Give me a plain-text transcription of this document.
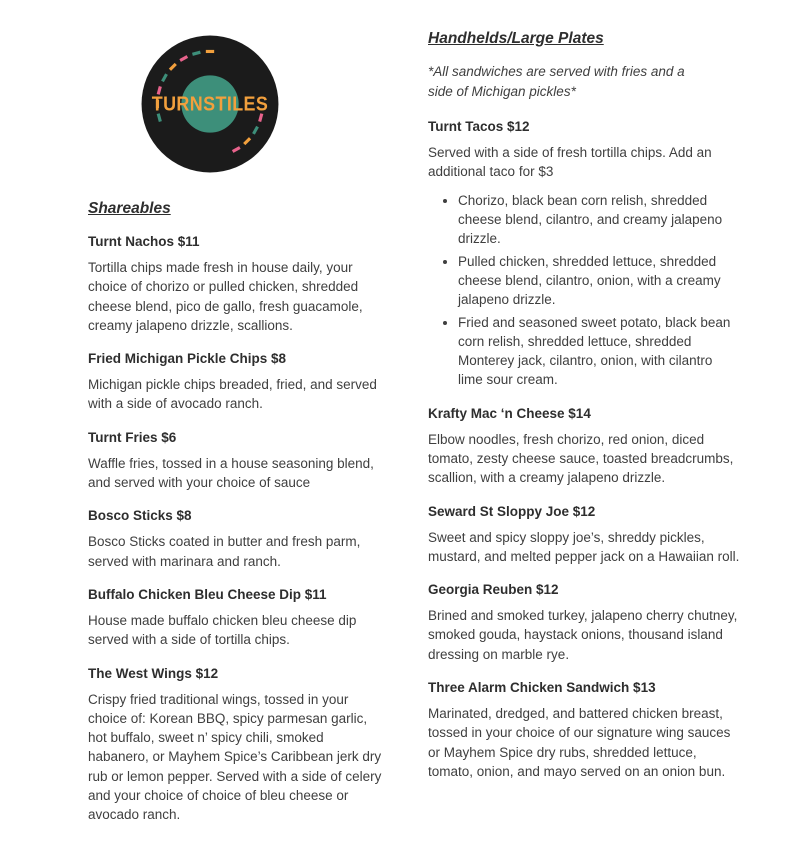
TURNSTILES
Shareables
Turnt Nachos $11

Tortilla chips made fresh in house daily, your choice of chorizo or pulled chicken, shredded cheese blend, pico de gallo, fresh guacamole, creamy jalapeno drizzle, scallions.

Fried Michigan Pickle Chips $8

Michigan pickle chips breaded, fried, and served with a side of avocado ranch.

Turnt Fries $6

Waffle fries, tossed in a house seasoning blend, and served with your choice of sauce

Bosco Sticks $8

Bosco Sticks coated in butter and fresh parm, served with marinara and ranch.

Buffalo Chicken Bleu Cheese Dip $11

House made buffalo chicken bleu cheese dip served with a side of tortilla chips.

The West Wings $12

Crispy fried traditional wings, tossed in your choice of: Korean BBQ, spicy parmesan garlic, hot buffalo, sweet n’ spicy chili, smoked habanero, or Mayhem Spice’s Caribbean jerk dry rub or lemon pepper. Served with a side of celery and your choice of choice of bleu cheese or avocado ranch.

Handhelds/Large Plates

*All sandwiches are served with fries and a side of Michigan pickles*

Turnt Tacos $12

Served with a side of fresh tortilla chips. Add an additional taco for $3

• Chorizo, black bean corn relish, shredded cheese blend, cilantro, and creamy jalapeno drizzle.
• Pulled chicken, shredded lettuce, shredded cheese blend, cilantro, onion, with a creamy jalapeno drizzle.
• Fried and seasoned sweet potato, black bean corn relish, shredded lettuce, shredded Monterey jack, cilantro, onion, with cilantro lime sour cream.
Krafty Mac ‘n Cheese $14

Elbow noodles, fresh chorizo, red onion, diced tomato, zesty cheese sauce, toasted breadcrumbs, scallion, with a creamy jalapeno drizzle.

Seward St Sloppy Joe $12

Sweet and spicy sloppy joe’s, shreddy pickles, mustard, and melted pepper jack on a Hawaiian roll.

Georgia Reuben $12

Brined and smoked turkey, jalapeno cherry chutney, smoked gouda, haystack onions, thousand island dressing on marble rye.

Three Alarm Chicken Sandwich $13

Marinated, dredged, and battered chicken breast, tossed in your choice of our signature wing sauces or Mayhem Spice dry rubs, shredded lettuce, tomato, onion, and mayo served on an onion bun.
